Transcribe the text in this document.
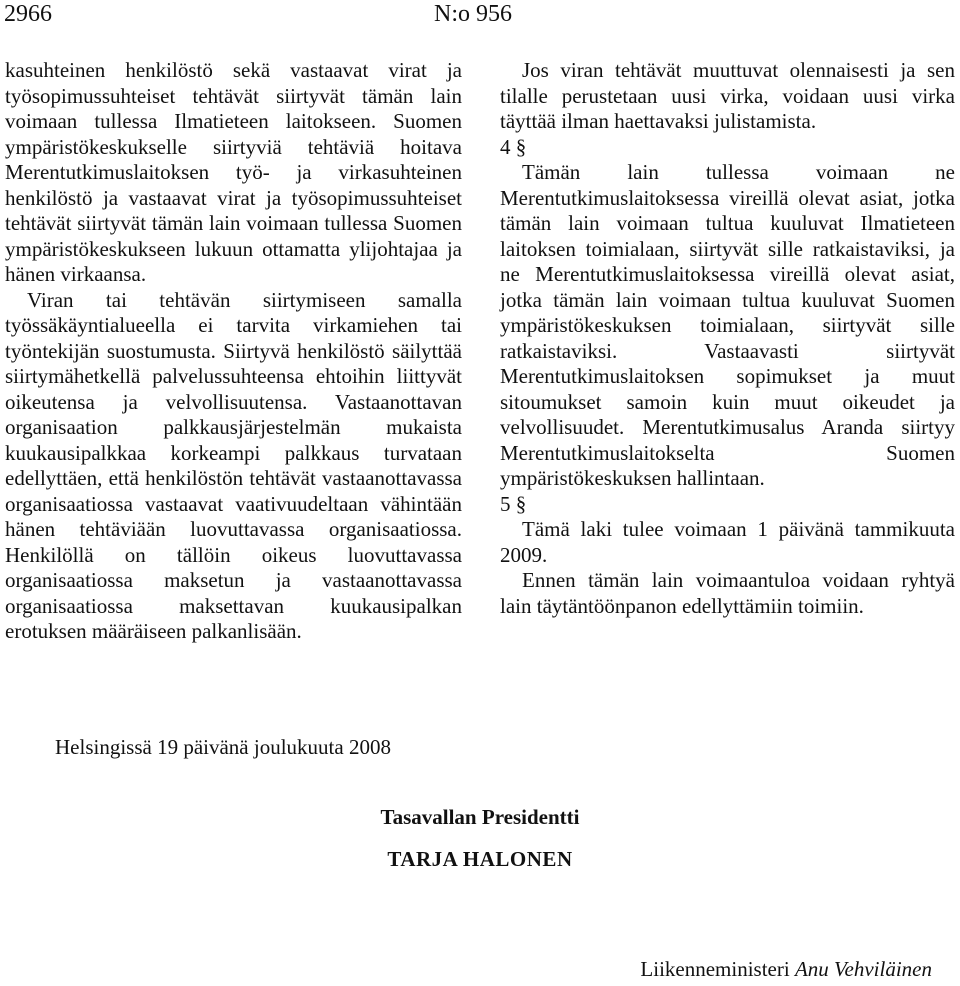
2966	N:o 956

kasuhteinen henkilöstö sekä vastaavat virat ja työsopimussuhteiset tehtävät siirtyvät tämän lain voimaan tullessa Ilmatieteen laitokseen. Suomen ympäristökeskukselle siirtyviä tehtäviä hoitava Merentutkimuslaitoksen työ- ja virkasuhteinen henkilöstö ja vastaavat virat ja työsopimussuhteiset tehtävät siirtyvät tämän lain voimaan tullessa Suomen ympäristökeskukseen lukuun ottamatta ylijohtajaa ja hänen virkaansa.

Viran tai tehtävän siirtymiseen samalla työssäkäyntialueella ei tarvita virkamiehen tai työntekijän suostumusta. Siirtyvä henkilöstö säilyttää siirtymähetkellä palvelussuhteensa ehtoihin liittyvät oikeutensa ja velvollisuutensa. Vastaanottavan organisaation palkkausjärjestelmän mukaista kuukausipalkkaa korkeampi palkkaus turvataan edellyttäen, että henkilöstön tehtävät vastaanottavassa organisaatiossa vastaavat vaativuudeltaan vähintään hänen tehtäviään luovuttavassa organisaatiossa. Henkilöllä on tällöin oikeus luovuttavassa organisaatiossa maksetun ja vastaanottavassa organisaatiossa maksettavan kuukausipalkan erotuksen määräiseen palkanlisään.

Jos viran tehtävät muuttuvat olennaisesti ja sen tilalle perustetaan uusi virka, voidaan uusi virka täyttää ilman haettavaksi julistamista.

4 §

Tämän lain tullessa voimaan ne Merentutkimuslaitoksessa vireillä olevat asiat, jotka tämän lain voimaan tultua kuuluvat Ilmatieteen laitoksen toimialaan, siirtyvät sille ratkaistaviksi, ja ne Merentutkimuslaitoksessa vireillä olevat asiat, jotka tämän lain voimaan tultua kuuluvat Suomen ympäristökeskuksen toimialaan, siirtyvät sille ratkaistaviksi. Vastaavasti siirtyvät Merentutkimuslaitoksen sopimukset ja muut sitoumukset samoin kuin muut oikeudet ja velvollisuudet. Merentutkimusalus Aranda siirtyy Merentutkimuslaitokselta Suomen ympäristökeskuksen hallintaan.

5 §

Tämä laki tulee voimaan 1 päivänä tammikuuta 2009.

Ennen tämän lain voimaantuloa voidaan ryhtyä lain täytäntöönpanon edellyttämiin toimiin.

Helsingissä 19 päivänä joulukuuta 2008
Tasavallan Presidentti
TARJA HALONEN
Liikenneministeri Anu Vehviläinen
